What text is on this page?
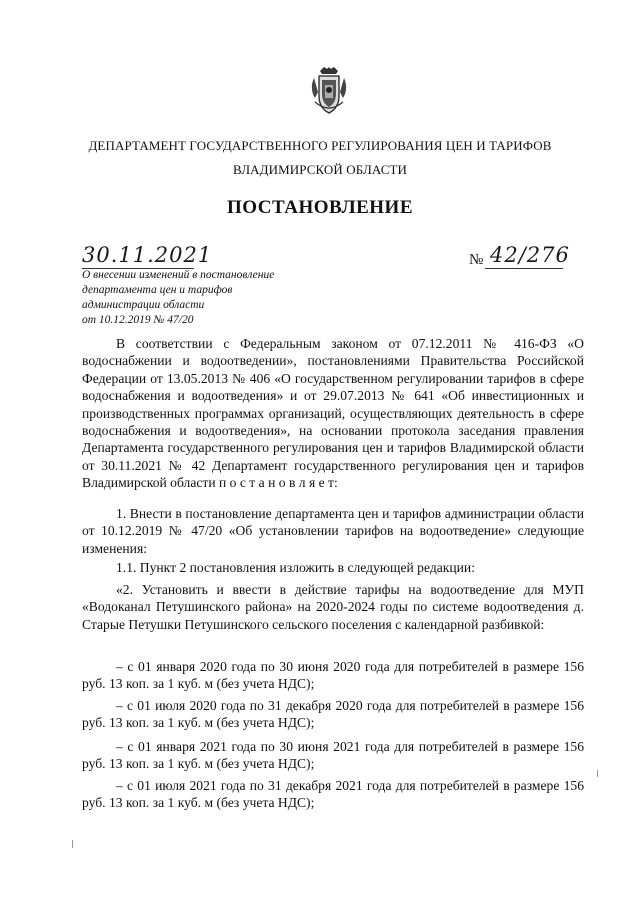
ДЕПАРТАМЕНТ ГОСУДАРСТВЕННОГО РЕГУЛИРОВАНИЯ ЦЕН И ТАРИФОВ
ВЛАДИМИРСКОЙ ОБЛАСТИ
ПОСТАНОВЛЕНИЕ
30.11.2021	№ 42/276
О внесении изменений в постановление
департамента цен и тарифов
администрации области
от 10.12.2019 № 47/20

В соответствии с Федеральным законом от 07.12.2011 № 416-ФЗ «О водоснабжении и водоотведении», постановлениями Правительства Российской Федерации от 13.05.2013 № 406 «О государственном регулировании тарифов в сфере водоснабжения и водоотведения» и от 29.07.2013 № 641 «Об инвестиционных и производственных программах организаций, осуществляющих деятельность в сфере водоснабжения и водоотведения», на основании протокола заседания правления Департамента государственного регулирования цен и тарифов Владимирской области от 30.11.2021 № 42 Департамент государственного регулирования цен и тарифов Владимирской области п о с т а н о в л я е т:

1. Внести в постановление департамента цен и тарифов администрации области от 10.12.2019 № 47/20 «Об установлении тарифов на водоотведение» следующие изменения:

1.1. Пункт 2 постановления изложить в следующей редакции:

«2. Установить и ввести в действие тарифы на водоотведение для МУП «Водоканал Петушинского района» на 2020-2024 годы по системе водоотведения д. Старые Петушки Петушинского сельского поселения с календарной разбивкой:

– с 01 января 2020 года по 30 июня 2020 года для потребителей в размере 156 руб. 13 коп. за 1 куб. м (без учета НДС);

– с 01 июля 2020 года по 31 декабря 2020 года для потребителей в размере 156 руб. 13 коп. за 1 куб. м (без учета НДС);

– с 01 января 2021 года по 30 июня 2021 года для потребителей в размере 156 руб. 13 коп. за 1 куб. м (без учета НДС);

– с 01 июля 2021 года по 31 декабря 2021 года для потребителей в размере 156 руб. 13 коп. за 1 куб. м (без учета НДС);
